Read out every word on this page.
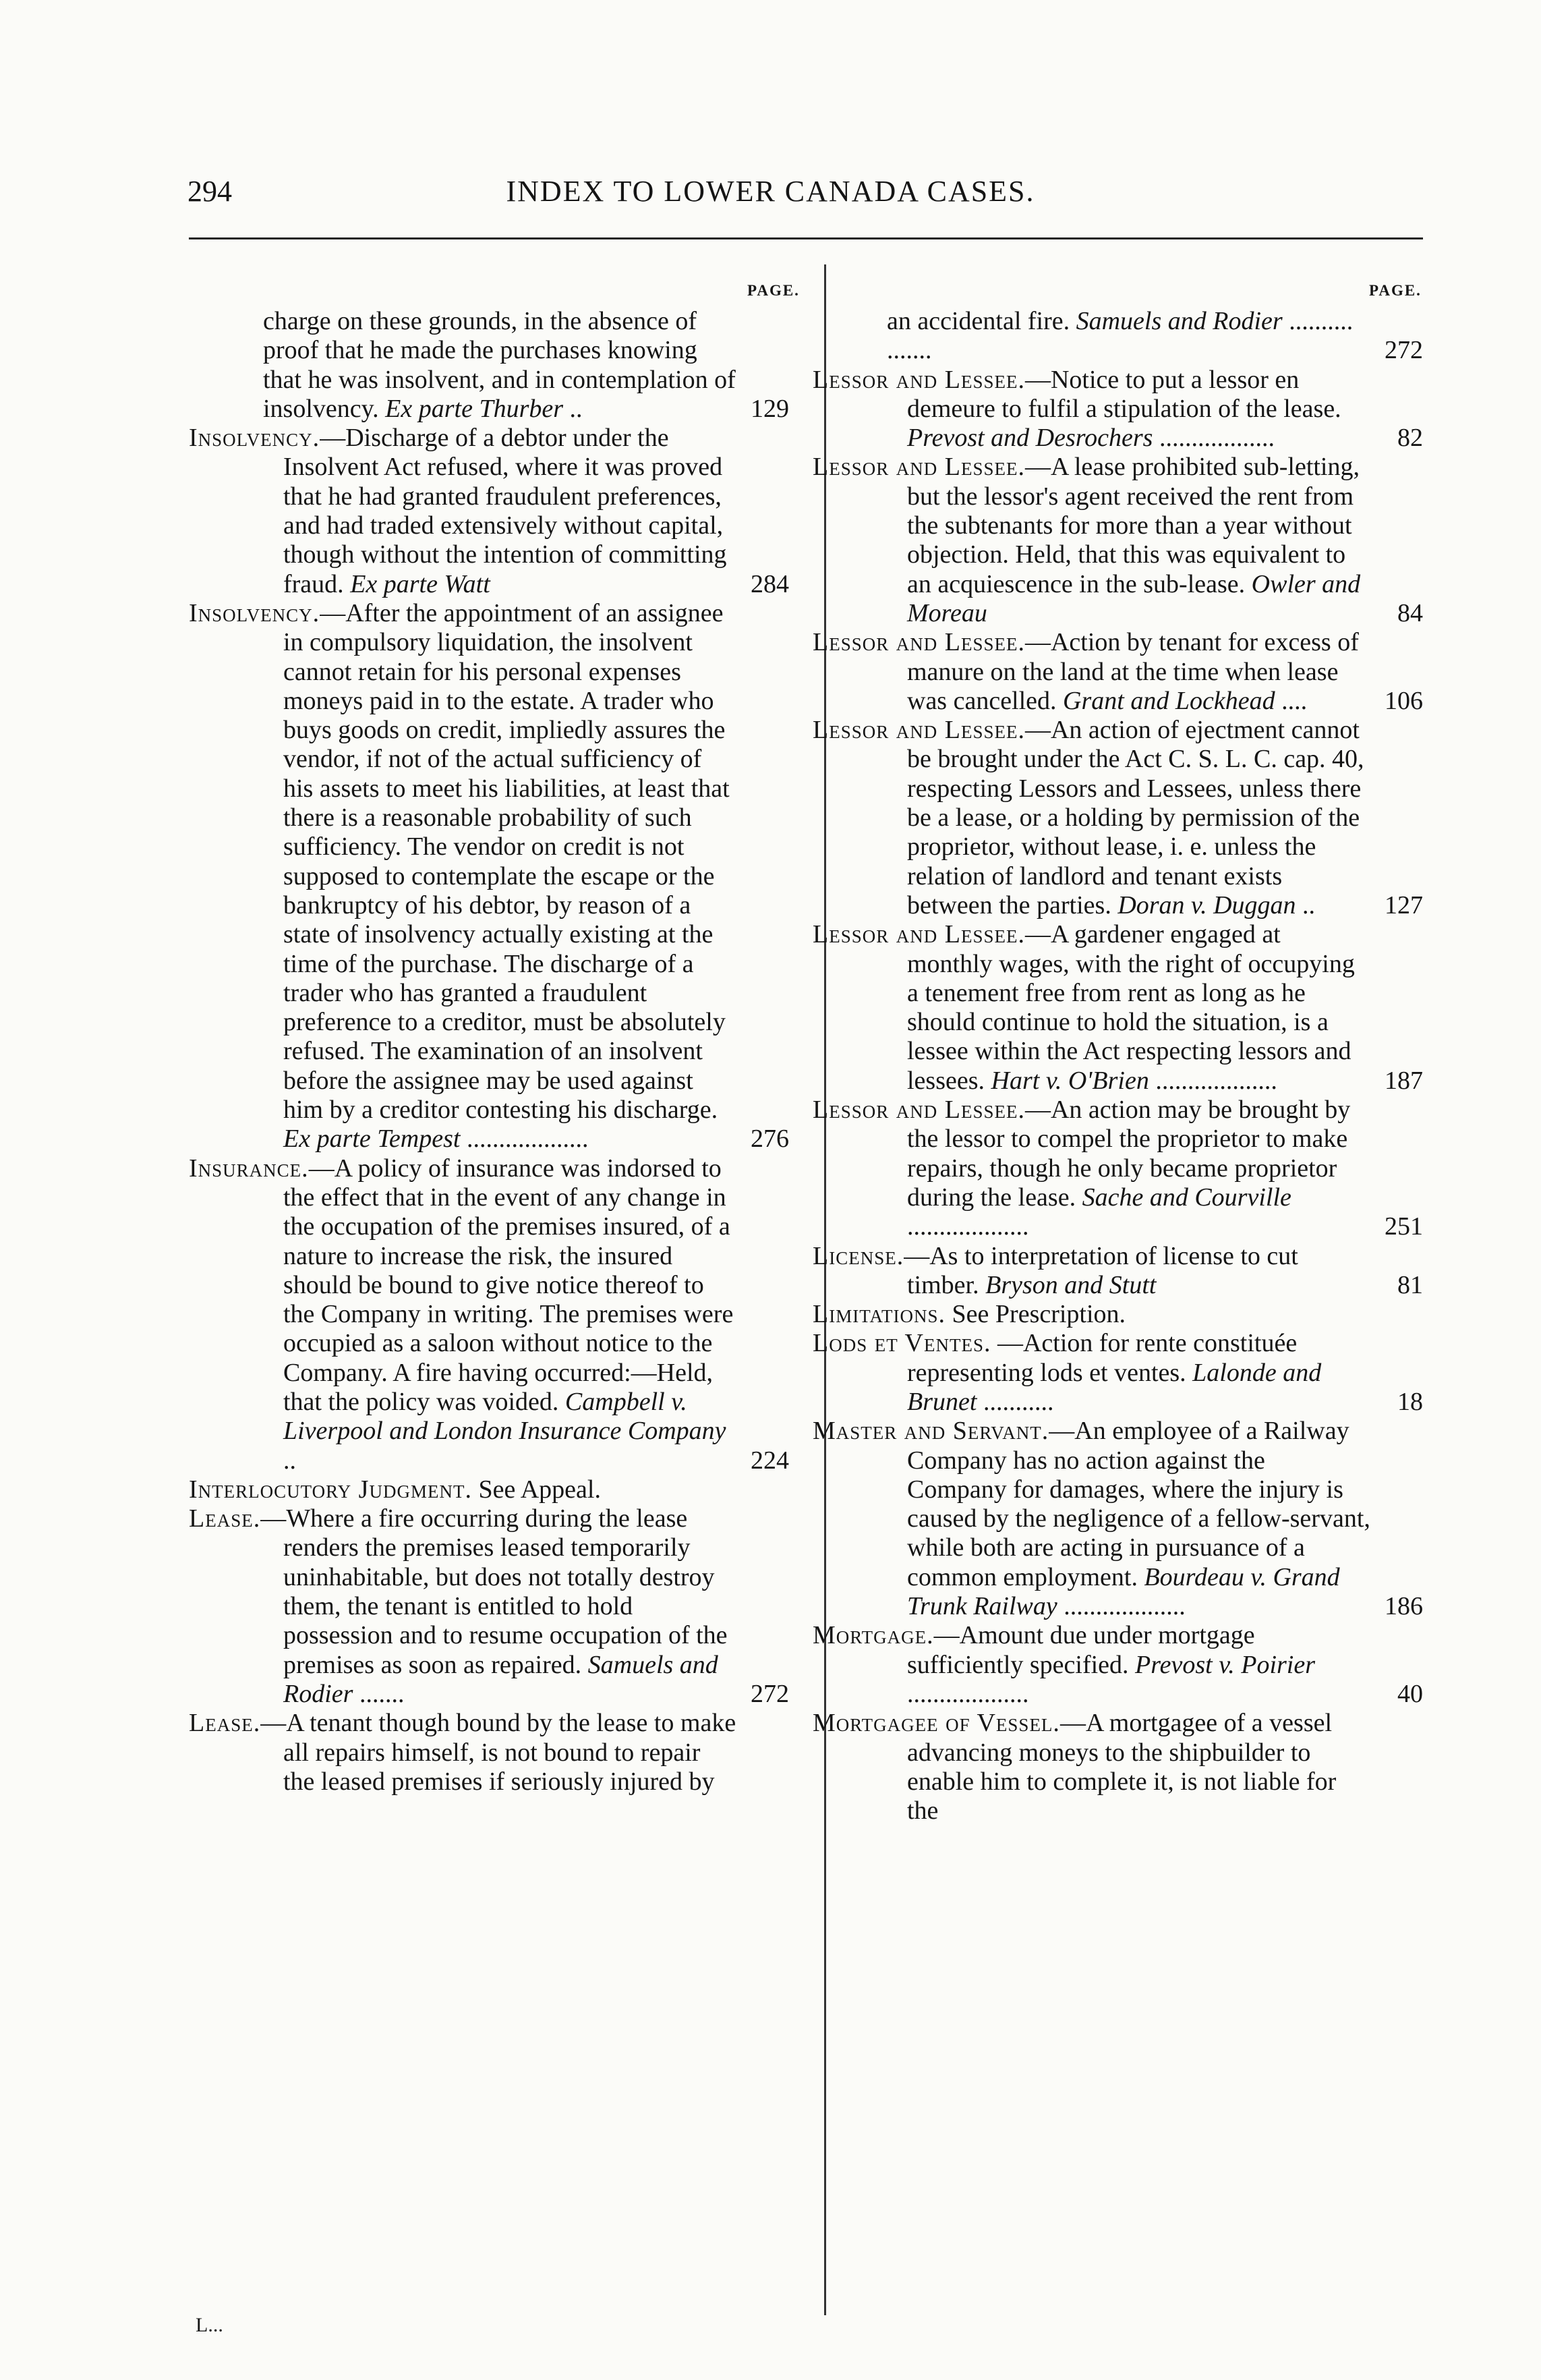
294	INDEX TO LOWER CANADA CASES.
PAGE.	PAGE.

charge on these grounds, in the absence of proof that he made the purchases knowing that he was insolvent, and in contemplation of insolvency. Ex parte Thurber ..	129

Insolvency.—Discharge of a debtor under the Insolvent Act refused, where it was proved that he had granted fraudulent preferences, and had traded extensively without capital, though without the intention of committing fraud. Ex parte Watt	284

Insolvency.—After the appointment of an assignee in compulsory liquidation, the insolvent cannot retain for his personal expenses moneys paid in to the estate. A trader who buys goods on credit, impliedly assures the vendor, if not of the actual sufficiency of his assets to meet his liabilities, at least that there is a reasonable probability of such sufficiency. The vendor on credit is not supposed to contemplate the escape or the bankruptcy of his debtor, by reason of a state of insolvency actually existing at the time of the purchase. The discharge of a trader who has granted a fraudulent preference to a creditor, must be absolutely refused. The examination of an insolvent before the assignee may be used against him by a creditor contesting his discharge. Ex parte Tempest ...................	276

Insurance.—A policy of insurance was indorsed to the effect that in the event of any change in the occupation of the premises insured, of a nature to increase the risk, the insured should be bound to give notice thereof to the Company in writing. The premises were occupied as a saloon without notice to the Company. A fire having occurred:—Held, that the policy was voided. Campbell v. Liverpool and London Insurance Company ..	224

Interlocutory Judgment. See Appeal.

Lease.—Where a fire occurring during the lease renders the premises leased temporarily uninhabitable, but does not totally destroy them, the tenant is entitled to hold possession and to resume occupation of the premises as soon as repaired. Samuels and Rodier .......	272

Lease.—A tenant though bound by the lease to make all repairs himself, is not bound to repair the leased premises if seriously injured by

an accidental fire. Samuels and Rodier .......... .......	272

Lessor and Lessee.—Notice to put a lessor en demeure to fulfil a stipulation of the lease. Prevost and Desrochers ..................	82

Lessor and Lessee.—A lease prohibited sub-letting, but the lessor's agent received the rent from the subtenants for more than a year without objection. Held, that this was equivalent to an acquiescence in the sub-lease. Owler and Moreau	84

Lessor and Lessee.—Action by tenant for excess of manure on the land at the time when lease was cancelled. Grant and Lockhead ....	106

Lessor and Lessee.—An action of ejectment cannot be brought under the Act C. S. L. C. cap. 40, respecting Lessors and Lessees, unless there be a lease, or a holding by permission of the proprietor, without lease, i. e. unless the relation of landlord and tenant exists between the parties. Doran v. Duggan ..	127

Lessor and Lessee.—A gardener engaged at monthly wages, with the right of occupying a tenement free from rent as long as he should continue to hold the situation, is a lessee within the Act respecting lessors and lessees. Hart v. O'Brien ...................	187

Lessor and Lessee.—An action may be brought by the lessor to compel the proprietor to make repairs, though he only became proprietor during the lease. Sache and Courville ...................	251

License.—As to interpretation of license to cut timber. Bryson and Stutt	81

Limitations. See Prescription.

Lods et Ventes. —Action for rente constituée representing lods et ventes. Lalonde and Brunet ...........	18

Master and Servant.—An employee of a Railway Company has no action against the Company for damages, where the injury is caused by the negligence of a fellow-servant, while both are acting in pursuance of a common employment. Bourdeau v. Grand Trunk Railway ...................	186

Mortgage.—Amount due under mortgage sufficiently specified. Prevost v. Poirier ...................	40

Mortgagee of Vessel.—A mortgagee of a vessel advancing moneys to the shipbuilder to enable him to complete it, is not liable for the

L...
